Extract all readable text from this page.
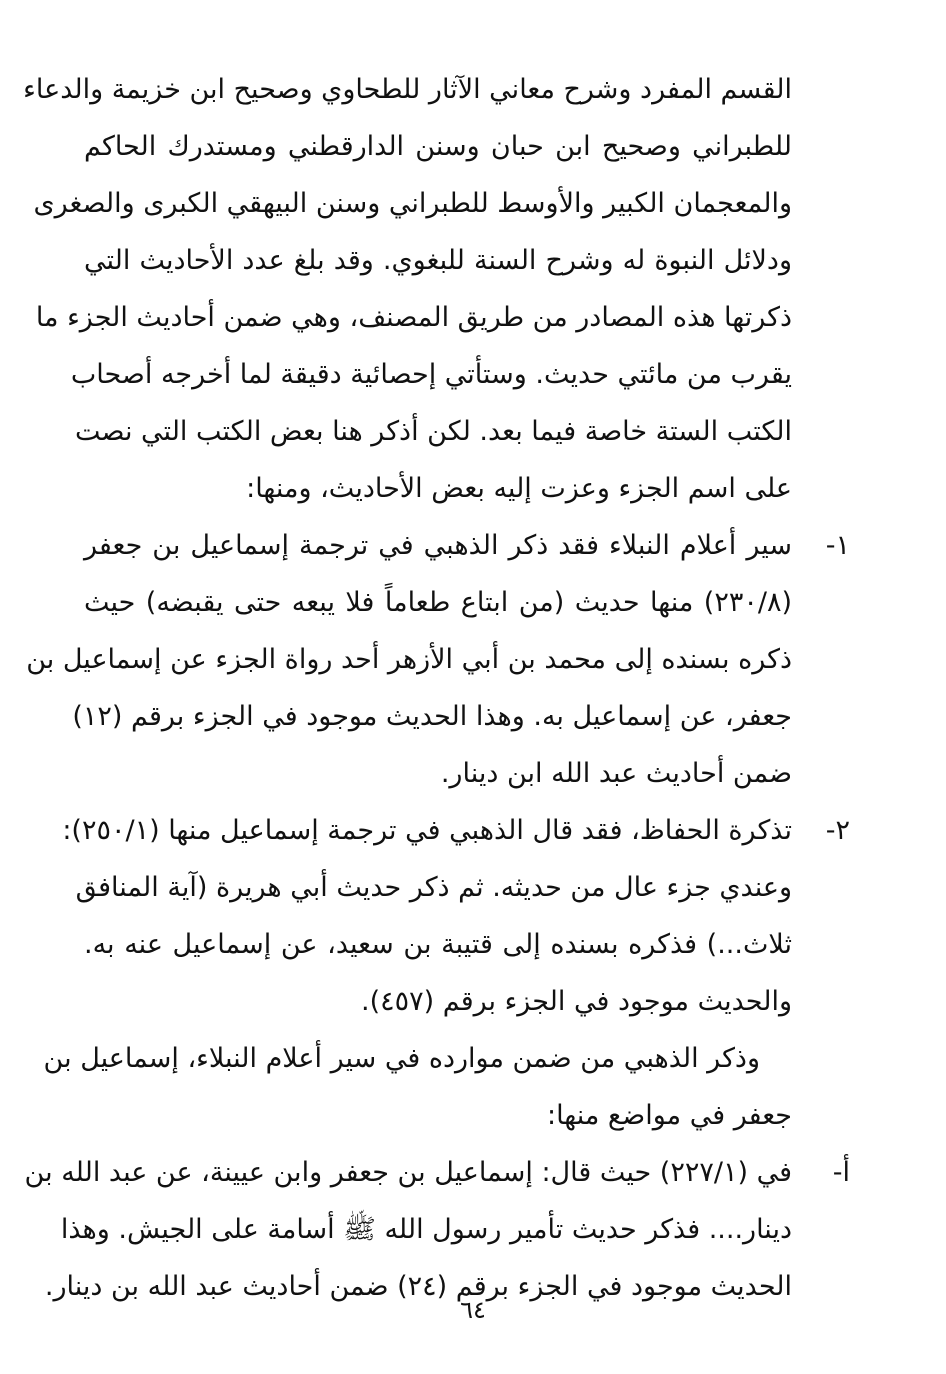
القسم المفرد وشرح معاني الآثار للطحاوي وصحيح ابن خزيمة والدعاء
للطبراني وصحيح ابن حبان وسنن الدارقطني ومستدرك الحاكم
والمعجمان الكبير والأوسط للطبراني وسنن البيهقي الكبرى والصغرى
ودلائل النبوة له وشرح السنة للبغوي. وقد بلغ عدد الأحاديث التي
ذكرتها هذه المصادر من طريق المصنف، وهي ضمن أحاديث الجزء ما
يقرب من مائتي حديث. وستأتي إحصائية دقيقة لما أخرجه أصحاب
الكتب الستة خاصة فيما بعد. لكن أذكر هنا بعض الكتب التي نصت
على اسم الجزء وعزت إليه بعض الأحاديث، ومنها:
١-
سير أعلام النبلاء فقد ذكر الذهبي في ترجمة إسماعيل بن جعفر
(٢٣٠/٨) منها حديث (من ابتاع طعاماً فلا يبعه حتى يقبضه) حيث
ذكره بسنده إلى محمد بن أبي الأزهر أحد رواة الجزء عن إسماعيل بن
جعفر، عن إسماعيل به. وهذا الحديث موجود في الجزء برقم (١٢)
ضمن أحاديث عبد الله ابن دينار.
٢-
تذكرة الحفاظ، فقد قال الذهبي في ترجمة إسماعيل منها (٢٥٠/١):
وعندي جزء عال من حديثه. ثم ذكر حديث أبي هريرة (آية المنافق
ثلاث...) فذكره بسنده إلى قتيبة بن سعيد، عن إسماعيل عنه به.
والحديث موجود في الجزء برقم (٤٥٧).
وذكر الذهبي من ضمن موارده في سير أعلام النبلاء، إسماعيل بن
جعفر في مواضع منها:
أ-
في (٢٢٧/١) حيث قال: إسماعيل بن جعفر وابن عيينة، عن عبد الله بن
دينار.... فذكر حديث تأمير رسول الله ﷺ أسامة على الجيش. وهذا
الحديث موجود في الجزء برقم (٢٤) ضمن أحاديث عبد الله بن دينار.
٦٤
